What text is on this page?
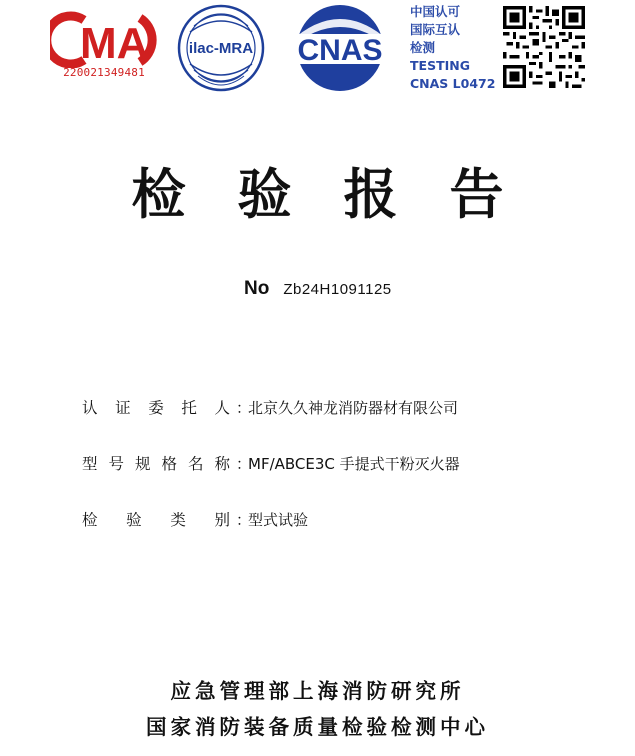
MA
220021349481
ilac-MRA CNAS
中国认可
国际互认
检测
TESTING
CNAS L0472
检 验 报 告
No Zb24H1091125
认证委托人 ：北京久久神龙消防器材有限公司
型号规格名称 ：MF/ABCE3C 手提式干粉灭火器
检验类别 ：型式试验
应急管理部上海消防研究所
国家消防装备质量检验检测中心
